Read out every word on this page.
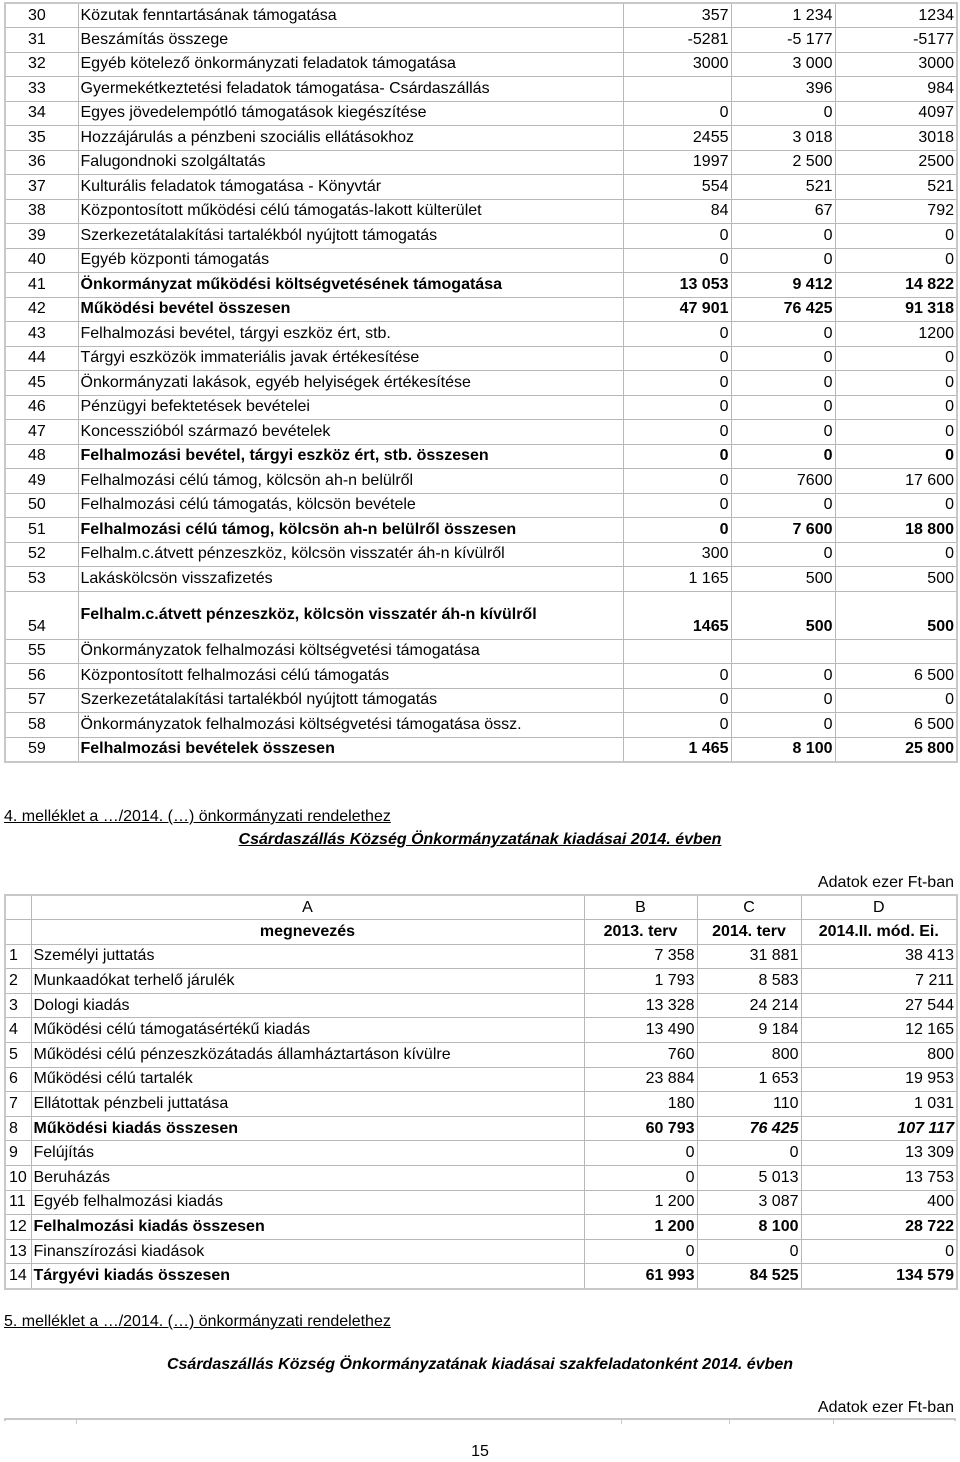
30	Közutak fenntartásának támogatása	357	1 234	1234
31	Beszámítás összege	-5281	-5 177	-5177
32	Egyéb kötelező önkormányzati feladatok támogatása	3000	3 000	3000
33	Gyermekétkeztetési feladatok támogatása- Csárdaszállás		396	984
34	Egyes jövedelempótló támogatások kiegészítése	0	0	4097
35	Hozzájárulás a pénzbeni szociális ellátásokhoz	2455	3 018	3018
36	Falugondnoki szolgáltatás	1997	2 500	2500
37	Kulturális feladatok támogatása - Könyvtár	554	521	521
38	Központosított működési célú támogatás-lakott külterület	84	67	792
39	Szerkezetátalakítási tartalékból nyújtott támogatás	0	0	0
40	Egyéb központi támogatás	0	0	0
41	Önkormányzat működési költségvetésének támogatása	13 053	9 412	14 822
42	Működési bevétel összesen	47 901	76 425	91 318
43	Felhalmozási bevétel, tárgyi eszköz ért, stb.	0	0	1200
44	Tárgyi eszközök immateriális javak értékesítése	0	0	0
45	Önkormányzati lakások, egyéb helyiségek értékesítése	0	0	0
46	Pénzügyi befektetések bevételei	0	0	0
47	Koncesszióból származó bevételek	0	0	0
48	Felhalmozási bevétel, tárgyi eszköz ért, stb. összesen	0	0	0
49	Felhalmozási célú támog, kölcsön ah-n belülről	0	7600	17 600
50	Felhalmozási célú támogatás, kölcsön bevétele	0	0	0
51	Felhalmozási célú támog, kölcsön ah-n belülről összesen	0	7 600	18 800
52	Felhalm.c.átvett pénzeszköz, kölcsön visszatér áh-n kívülről	300	0	0
53	Lakáskölcsön visszafizetés	1 165	500	500
54	Felhalm.c.átvett pénzeszköz, kölcsön visszatér áh-n kívülről	1465	500	500
55	Önkormányzatok felhalmozási költségvetési támogatása			
56	Központosított felhalmozási célú támogatás	0	0	6 500
57	Szerkezetátalakítási tartalékból nyújtott támogatás	0	0	0
58	Önkormányzatok felhalmozási költségvetési támogatása össz.	0	0	6 500
59	Felhalmozási bevételek összesen	1 465	8 100	25 800
4. melléklet a …/2014. (…) önkormányzati rendelethez
Csárdaszállás Község Önkormányzatának kiadásai 2014. évben
Adatok ezer Ft-ban
	A	B	C	D
	megnevezés	2013. terv	2014. terv	2014.II. mód. Ei.
1	Személyi juttatás	7 358	31 881	38 413
2	Munkaadókat terhelő járulék	1 793	8 583	7 211
3	Dologi kiadás	13 328	24 214	27 544
4	Működési célú támogatásértékű kiadás	13 490	9 184	12 165
5	Működési célú pénzeszközátadás államháztartáson kívülre	760	800	800
6	Működési célú tartalék	23 884	1 653	19 953
7	Ellátottak pénzbeli juttatása	180	110	1 031
8	Működési kiadás összesen	60 793	76 425	107 117
9	Felújítás	0	0	13 309
10	Beruházás	0	5 013	13 753
11	Egyéb felhalmozási kiadás	1 200	3 087	400
12	Felhalmozási kiadás összesen	1 200	8 100	28 722
13	Finanszírozási kiadások	0	0	0
14	Tárgyévi kiadás összesen	61 993	84 525	134 579
5. melléklet a …/2014. (…) önkormányzati rendelethez
Csárdaszállás Község Önkormányzatának kiadásai szakfeladatonként 2014. évben
Adatok ezer Ft-ban
15
